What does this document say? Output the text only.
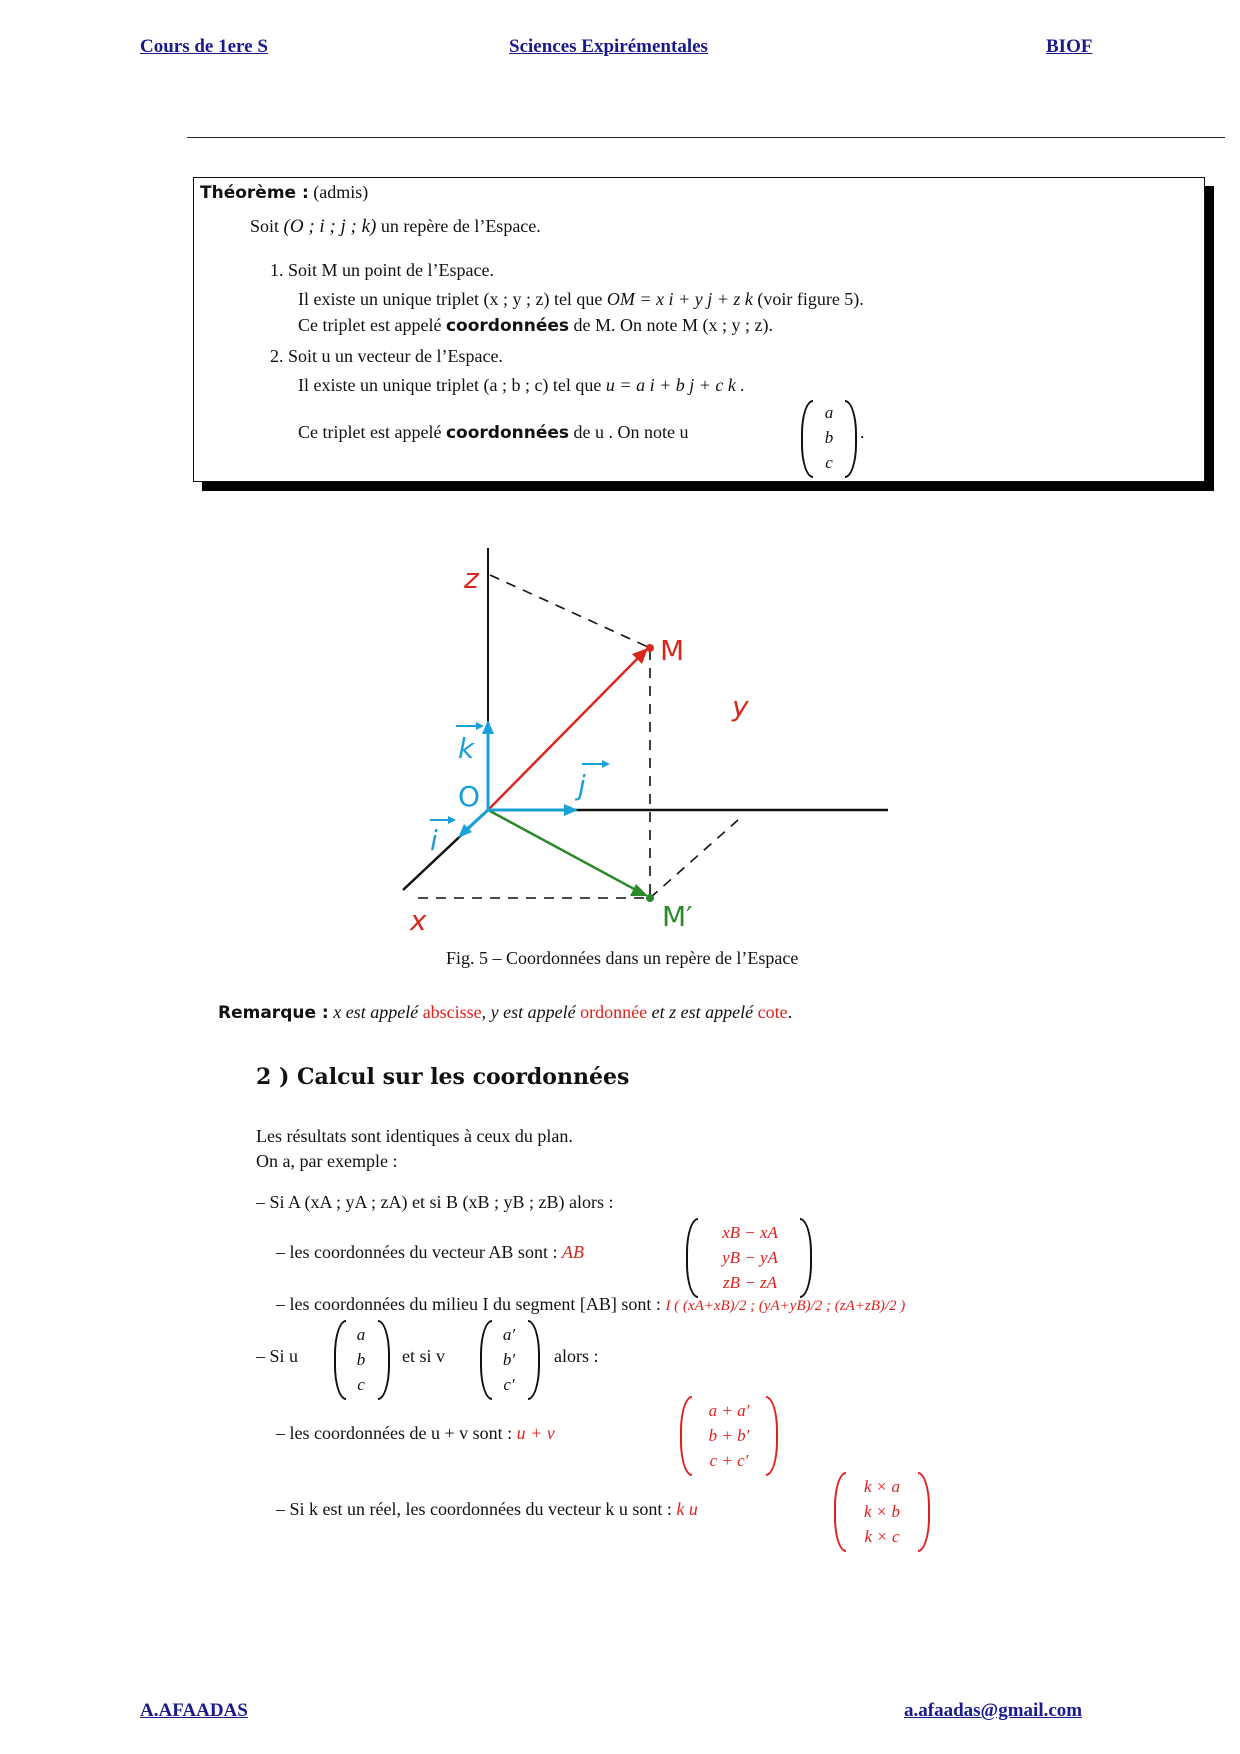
Cours de 1ere S	Sciences Expirémentales	BIOF
Théorème : (admis)
Soit (O ; i ; j ; k) un repère de l’Espace.
1. Soit M un point de l’Espace.
Il existe un unique triplet (x ; y ; z) tel que OM = x i + y j + z k (voir figure 5).
Ce triplet est appelé coordonnées de M. On note M (x ; y ; z).
2. Soit u un vecteur de l’Espace.
Il existe un unique triplet (a ; b ; c) tel que u = a i + b j + c k .
Ce triplet est appelé coordonnées de u . On note u
a
b
c
.
z
y
x
O
M
M′
k
j
i
Fig. 5 – Coordonnées dans un repère de l’Espace
Remarque : x est appelé abscisse, y est appelé ordonnée et z est appelé cote.
2 ) Calcul sur les coordonnées
Les résultats sont identiques à ceux du plan.
On a, par exemple :
– Si A (xA ; yA ; zA) et si B (xB ; yB ; zB) alors :
– les coordonnées du vecteur AB sont : AB
xB − xA
yB − yA
zB − zA
– les coordonnées du milieu I du segment [AB] sont : I ( (xA+xB)/2 ; (yA+yB)/2 ; (zA+zB)/2 )
– Si u
a
b
c
et si v
a′
b′
c′
alors :
– les coordonnées de u + v sont : u + v
a + a′
b + b′
c + c′
– Si k est un réel, les coordonnées du vecteur k u sont : k u
k × a
k × b
k × c
A.AFAADAS	a.afaadas@gmail.com
